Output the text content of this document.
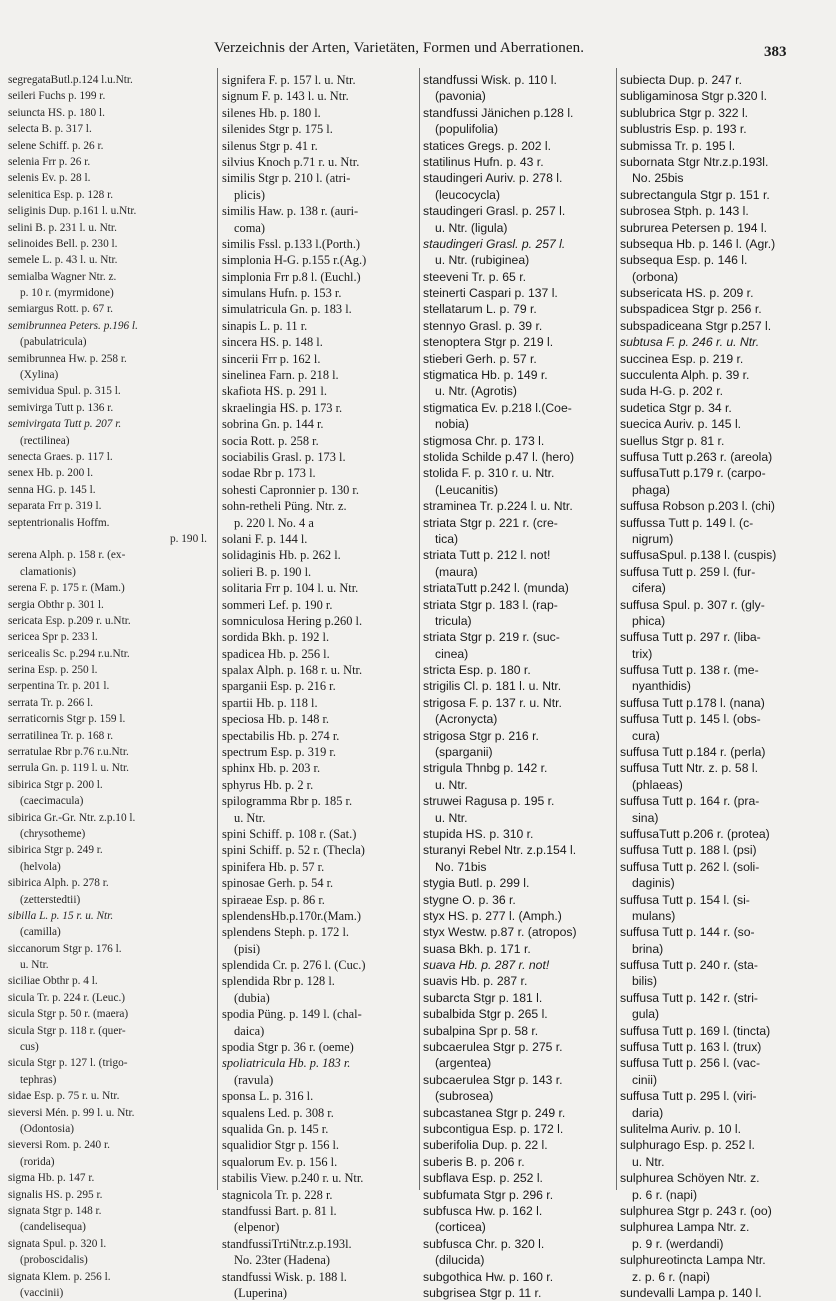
Verzeichnis der Arten, Varietäten, Formen und Aberrationen.	383
segregataButl.p.124 l.u.Ntr.
seileri Fuchs p. 199 r.
seiuncta HS. p. 180 l.
selecta B. p. 317 l.
selene Schiff. p. 26 r.
selenia Frr p. 26 r.
selenis Ev. p. 28 l.
selenitica Esp. p. 128 r.
seliginis Dup. p.161 l. u.Ntr.
selini B. p. 231 l. u. Ntr.
selinoides Bell. p. 230 l.
semele L. p. 43 l. u. Ntr.
semialba Wagner Ntr. z.
p. 10 r. (myrmidone)
semiargus Rott. p. 67 r.
semibrunnea Peters. p.196 l.
(pabulatricula)
semibrunnea Hw. p. 258 r.
(Xylina)
semividua Spul. p. 315 l.
semivirga Tutt p. 136 r.
semivirgata Tutt p. 207 r.
(rectilinea)
senecta Graes. p. 117 l.
senex Hb. p. 200 l.
senna HG. p. 145 l.
separata Frr p. 319 l.
septentrionalis Hoffm.
p. 190 l.
serena Alph. p. 158 r. (ex-
clamationis)
serena F. p. 175 r. (Mam.)
sergia Obthr p. 301 l.
sericata Esp. p.209 r. u.Ntr.
sericea Spr p. 233 l.
sericealis Sc. p.294 r.u.Ntr.
serina Esp. p. 250 l.
serpentina Tr. p. 201 l.
serrata Tr. p. 266 l.
serraticornis Stgr p. 159 l.
serratilinea Tr. p. 168 r.
serratulae Rbr p.76 r.u.Ntr.
serrula Gn. p. 119 l. u. Ntr.
sibirica Stgr p. 200 l.
(caecimacula)
sibirica Gr.-Gr. Ntr. z.p.10 l.
(chrysotheme)
sibirica Stgr p. 249 r.
(helvola)
sibirica Alph. p. 278 r.
(zetterstedtii)
sibilla L. p. 15 r. u. Ntr.
(camilla)
siccanorum Stgr p. 176 l.
u. Ntr.
siciliae Obthr p. 4 l.
sicula Tr. p. 224 r. (Leuc.)
sicula Stgr p. 50 r. (maera)
sicula Stgr p. 118 r. (quer-
cus)
sicula Stgr p. 127 l. (trigo-
tephras)
sidae Esp. p. 75 r. u. Ntr.
sieversi Mén. p. 99 l. u. Ntr.
(Odontosia)
sieversi Rom. p. 240 r.
(rorida)
sigma Hb. p. 147 r.
signalis HS. p. 295 r.
signata Stgr p. 148 r.
(candelisequa)
signata Spul. p. 320 l.
(proboscidalis)
signata Klem. p. 256 l.
(vaccinii)
signifera F. p. 157 l. u. Ntr.
signum F. p. 143 l. u. Ntr.
silenes Hb. p. 180 l.
silenides Stgr p. 175 l.
silenus Stgr p. 41 r.
silvius Knoch p.71 r. u. Ntr.
similis Stgr p. 210 l. (atri-
plicis)
similis Haw. p. 138 r. (auri-
coma)
similis Fssl. p.133 l.(Porth.)
simplonia H-G. p.155 r.(Ag.)
simplonia Frr p.8 l. (Euchl.)
simulans Hufn. p. 153 r.
simulatricula Gn. p. 183 l.
sinapis L. p. 11 r.
sincera HS. p. 148 l.
sincerii Frr p. 162 l.
sinelinea Farn. p. 218 l.
skafiota HS. p. 291 l.
skraelingia HS. p. 173 r.
sobrina Gn. p. 144 r.
socia Rott. p. 258 r.
sociabilis Grasl. p. 173 l.
sodae Rbr p. 173 l.
sohesti Capronnier p. 130 r.
sohn-retheli Püng. Ntr. z.
p. 220 l. No. 4 a
solani F. p. 144 l.
solidaginis Hb. p. 262 l.
solieri B. p. 190 l.
solitaria Frr p. 104 l. u. Ntr.
sommeri Lef. p. 190 r.
somniculosa Hering p.260 l.
sordida Bkh. p. 192 l.
spadicea Hb. p. 256 l.
spalax Alph. p. 168 r. u. Ntr.
sparganii Esp. p. 216 r.
spartii Hb. p. 118 l.
speciosa Hb. p. 148 r.
spectabilis Hb. p. 274 r.
spectrum Esp. p. 319 r.
sphinx Hb. p. 203 r.
sphyrus Hb. p. 2 r.
spilogramma Rbr p. 185 r.
u. Ntr.
spini Schiff. p. 108 r. (Sat.)
spini Schiff. p. 52 r. (Thecla)
spinifera Hb. p. 57 r.
spinosae Gerh. p. 54 r.
spiraeae Esp. p. 86 r.
splendensHb.p.170r.(Mam.)
splendens Steph. p. 172 l.
(pisi)
splendida Cr. p. 276 l. (Cuc.)
splendida Rbr p. 128 l.
(dubia)
spodia Püng. p. 149 l. (chal-
daica)
spodia Stgr p. 36 r. (oeme)
spoliatricula Hb. p. 183 r.
(ravula)
sponsa L. p. 316 l.
squalens Led. p. 308 r.
squalida Gn. p. 145 r.
squalidior Stgr p. 156 l.
squalorum Ev. p. 156 l.
stabilis View. p.240 r. u. Ntr.
stagnicola Tr. p. 228 r.
standfussi Bart. p. 81 l.
(elpenor)
standfussiTrtiNtr.z.p.193l.
No. 23ter (Hadena)
standfussi Wisk. p. 188 l.
(Luperina)
standfussi Wisk. p. 110 l.
(pavonia)
standfussi Jänichen p.128 l.
(populifolia)
statices Gregs. p. 202 l.
statilinus Hufn. p. 43 r.
staudingeri Auriv. p. 278 l.
(leucocycla)
staudingeri Grasl. p. 257 l.
u. Ntr. (ligula)
staudingeri Grasl. p. 257 l.
u. Ntr. (rubiginea)
steeveni Tr. p. 65 r.
steinerti Caspari p. 137 l.
stellatarum L. p. 79 r.
stennyo Grasl. p. 39 r.
stenoptera Stgr p. 219 l.
stieberi Gerh. p. 57 r.
stigmatica Hb. p. 149 r.
u. Ntr. (Agrotis)
stigmatica Ev. p.218 l.(Coe-
nobia)
stigmosa Chr. p. 173 l.
stolida Schilde p.47 l. (hero)
stolida F. p. 310 r. u. Ntr.
(Leucanitis)
straminea Tr. p.224 l. u. Ntr.
striata Stgr p. 221 r. (cre-
tica)
striata Tutt p. 212 l. not!
(maura)
striataTutt p.242 l. (munda)
striata Stgr p. 183 l. (rap-
tricula)
striata Stgr p. 219 r. (suc-
cinea)
stricta Esp. p. 180 r.
strigilis Cl. p. 181 l. u. Ntr.
strigosa F. p. 137 r. u. Ntr.
(Acronycta)
strigosa Stgr p. 216 r.
(sparganii)
strigula Thnbg p. 142 r.
u. Ntr.
struwei Ragusa p. 195 r.
u. Ntr.
stupida HS. p. 310 r.
sturanyi Rebel Ntr. z.p.154 l.
No. 71bis
stygia Butl. p. 299 l.
stygne O. p. 36 r.
styx HS. p. 277 l. (Amph.)
styx Westw. p.87 r. (atropos)
suasa Bkh. p. 171 r.
suava Hb. p. 287 r. not!
suavis Hb. p. 287 r.
subarcta Stgr p. 181 l.
subalbida Stgr p. 265 l.
subalpina Spr p. 58 r.
subcaerulea Stgr p. 275 r.
(argentea)
subcaerulea Stgr p. 143 r.
(subrosea)
subcastanea Stgr p. 249 r.
subcontigua Esp. p. 172 l.
suberifolia Dup. p. 22 l.
suberis B. p. 206 r.
subflava Esp. p. 252 l.
subfumata Stgr p. 296 r.
subfusca Hw. p. 162 l.
(corticea)
subfusca Chr. p. 320 l.
(dilucida)
subgothica Hw. p. 160 r.
subgrisea Stgr p. 11 r.
subiecta Dup. p. 247 r.
subligaminosa Stgr p.320 l.
sublubrica Stgr p. 322 l.
sublustris Esp. p. 193 r.
submissa Tr. p. 195 l.
subornata Stgr Ntr.z.p.193l.
No. 25bis
subrectangula Stgr p. 151 r.
subrosea Stph. p. 143 l.
subrurea Petersen p. 194 l.
subsequa Hb. p. 146 l. (Agr.)
subsequa Esp. p. 146 l.
(orbona)
subsericata HS. p. 209 r.
subspadicea Stgr p. 256 r.
subspadiceana Stgr p.257 l.
subtusa F. p. 246 r. u. Ntr.
succinea Esp. p. 219 r.
succulenta Alph. p. 39 r.
suda H-G. p. 202 r.
sudetica Stgr p. 34 r.
suecica Auriv. p. 145 l.
suellus Stgr p. 81 r.
suffusa Tutt p.263 r. (areola)
suffusaTutt p.179 r. (carpo-
phaga)
suffusa Robson p.203 l. (chi)
suffussa Tutt p. 149 l. (c-
nigrum)
suffusaSpul. p.138 l. (cuspis)
suffusa Tutt p. 259 l. (fur-
cifera)
suffusa Spul. p. 307 r. (gly-
phica)
suffusa Tutt p. 297 r. (liba-
trix)
suffusa Tutt p. 138 r. (me-
nyanthidis)
suffusa Tutt p.178 l. (nana)
suffusa Tutt p. 145 l. (obs-
cura)
suffusa Tutt p.184 r. (perla)
suffusa Tutt Ntr. z. p. 58 l.
(phlaeas)
suffusa Tutt p. 164 r. (pra-
sina)
suffusaTutt p.206 r. (protea)
suffusa Tutt p. 188 l. (psi)
suffusa Tutt p. 262 l. (soli-
daginis)
suffusa Tutt p. 154 l. (si-
mulans)
suffusa Tutt p. 144 r. (so-
brina)
suffusa Tutt p. 240 r. (sta-
bilis)
suffusa Tutt p. 142 r. (stri-
gula)
suffusa Tutt p. 169 l. (tincta)
suffusa Tutt p. 163 l. (trux)
suffusa Tutt p. 256 l. (vac-
cinii)
suffusa Tutt p. 295 l. (viri-
daria)
sulitelma Auriv. p. 10 l.
sulphurago Esp. p. 252 l.
u. Ntr.
sulphurea Schöyen Ntr. z.
p. 6 r. (napi)
sulphurea Stgr p. 243 r. (oo)
sulphurea Lampa Ntr. z.
p. 9 r. (werdandi)
sulphureotincta Lampa Ntr.
z. p. 6 r. (napi)
sundevalli Lampa p. 140 l.
